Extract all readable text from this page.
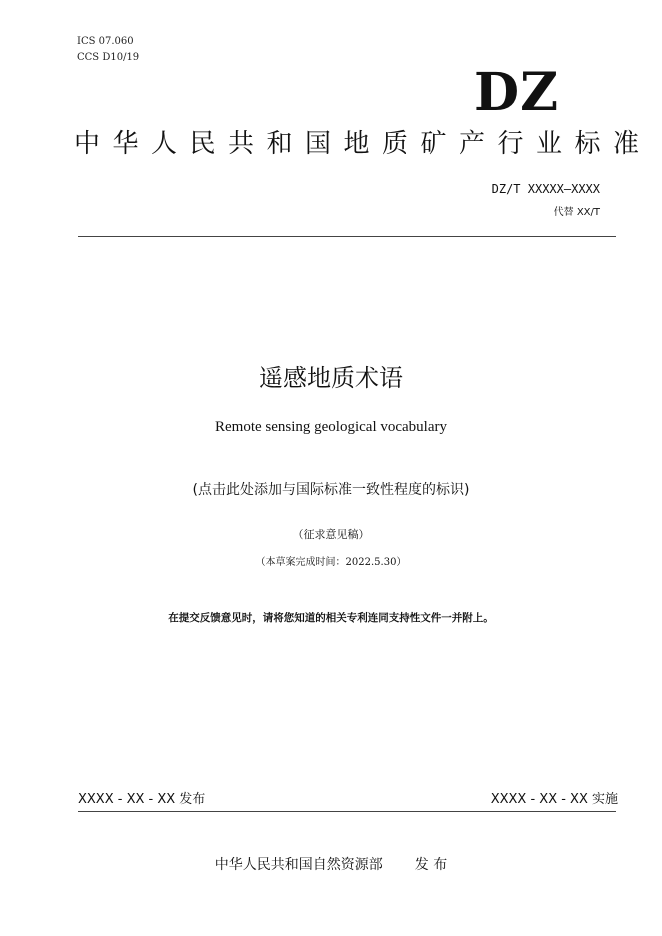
ICS 07.060
CCS D10/19
DZ
中华人民共和国地质矿产行业标准
DZ/T XXXXX—XXXX
代替 XX/T
遥感地质术语
Remote sensing geological vocabulary
(点击此处添加与国际标准一致性程度的标识)
（征求意见稿）
（本草案完成时间：2022.5.30）
在提交反馈意见时，请将您知道的相关专利连同支持性文件一并附上。
XXXX - XX - XX 发布	XXXX - XX - XX 实施
中华人民共和国自然资源部 发 布
